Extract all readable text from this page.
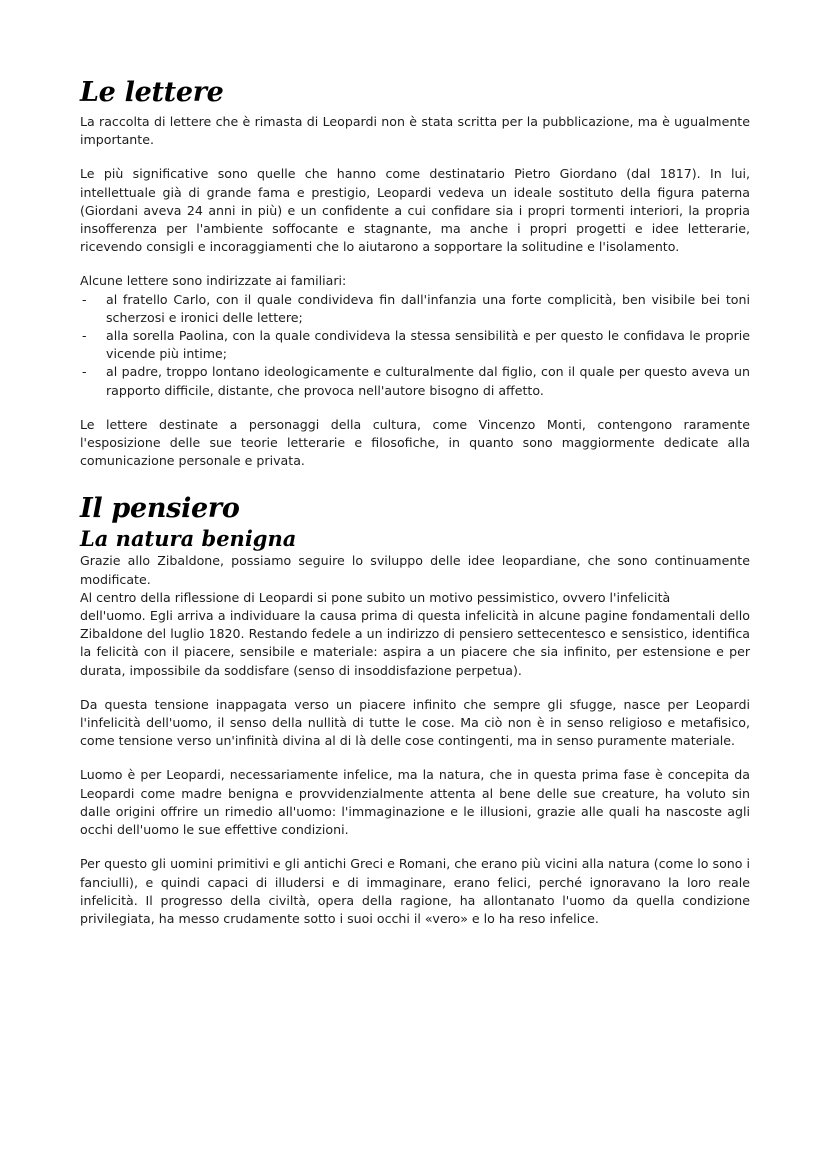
Le lettere

La raccolta di lettere che è rimasta di Leopardi non è stata scritta per la pubblicazione, ma è ugualmente importante.

Le più significative sono quelle che hanno come destinatario Pietro Giordano (dal 1817). In lui, intellettuale già di grande fama e prestigio, Leopardi vedeva un ideale sostituto della figura paterna (Giordani aveva 24 anni in più) e un confidente a cui confidare sia i propri tormenti interiori, la propria insofferenza per l'ambiente soffocante e stagnante, ma anche i propri progetti e idee letterarie, ricevendo consigli e incoraggiamenti che lo aiutarono a sopportare la solitudine e l'isolamento.

Alcune lettere sono indirizzate ai familiari:

- al fratello Carlo, con il quale condivideva fin dall'infanzia una forte complicità, ben visibile bei toni scherzosi e ironici delle lettere;
- alla sorella Paolina, con la quale condivideva la stessa sensibilità e per questo le confidava le proprie vicende più intime;
- al padre, troppo lontano ideologicamente e culturalmente dal figlio, con il quale per questo aveva un rapporto difficile, distante, che provoca nell'autore bisogno di affetto.

Le lettere destinate a personaggi della cultura, come Vincenzo Monti, contengono raramente l'esposizione delle sue teorie letterarie e filosofiche, in quanto sono maggiormente dedicate alla comunicazione personale e privata.

Il pensiero
La natura benigna

Grazie allo Zibaldone, possiamo seguire lo sviluppo delle idee leopardiane, che sono continuamente modificate.

Al centro della riflessione di Leopardi si pone subito un motivo pessimistico, ovvero l'infelicità

dell'uomo. Egli arriva a individuare la causa prima di questa infelicità in alcune pagine fondamentali dello Zibaldone del luglio 1820. Restando fedele a un indirizzo di pensiero settecentesco e sensistico, identifica la felicità con il piacere, sensibile e materiale: aspira a un piacere che sia infinito, per estensione e per durata, impossibile da soddisfare (senso di insoddisfazione perpetua).

Da questa tensione inappagata verso un piacere infinito che sempre gli sfugge, nasce per Leopardi l'infelicità dell'uomo, il senso della nullità di tutte le cose. Ma ciò non è in senso religioso e metafisico, come tensione verso un'infinità divina al di là delle cose contingenti, ma in senso puramente materiale.

Luomo è per Leopardi, necessariamente infelice, ma la natura, che in questa prima fase è concepita da Leopardi come madre benigna e provvidenzialmente attenta al bene delle sue creature, ha voluto sin dalle origini offrire un rimedio all'uomo: l'immaginazione e le illusioni, grazie alle quali ha nascoste agli occhi dell'uomo le sue effettive condizioni.

Per questo gli uomini primitivi e gli antichi Greci e Romani, che erano più vicini alla natura (come lo sono i fanciulli), e quindi capaci di illudersi e di immaginare, erano felici, perché ignoravano la loro reale infelicità. Il progresso della civiltà, opera della ragione, ha allontanato l'uomo da quella condizione privilegiata, ha messo crudamente sotto i suoi occhi il «vero» e lo ha reso infelice.
